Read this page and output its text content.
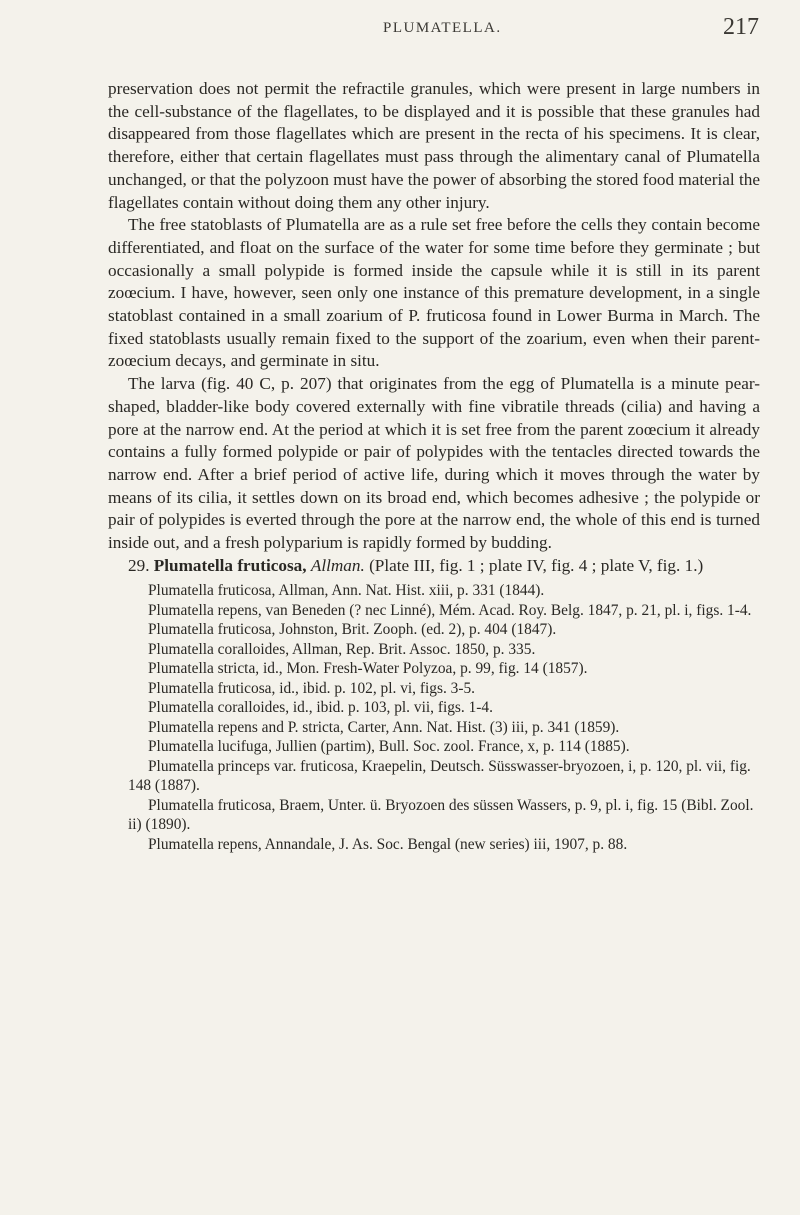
PLUMATELLA.	217

preservation does not permit the refractile granules, which were present in large numbers in the cell-substance of the flagellates, to be displayed and it is possible that these granules had disappeared from those flagellates which are present in the recta of his specimens. It is clear, therefore, either that certain flagellates must pass through the alimentary canal of Plumatella unchanged, or that the polyzoon must have the power of absorbing the stored food material the flagellates contain without doing them any other injury.

The free statoblasts of Plumatella are as a rule set free before the cells they contain become differentiated, and float on the surface of the water for some time before they germinate ; but occasionally a small polypide is formed inside the capsule while it is still in its parent zoœcium. I have, however, seen only one instance of this premature development, in a single statoblast contained in a small zoarium of P. fruticosa found in Lower Burma in March. The fixed statoblasts usually remain fixed to the support of the zoarium, even when their parent-zoœcium decays, and germinate in situ.

The larva (fig. 40 C, p. 207) that originates from the egg of Plumatella is a minute pear-shaped, bladder-like body covered externally with fine vibratile threads (cilia) and having a pore at the narrow end. At the period at which it is set free from the parent zoœcium it already contains a fully formed polypide or pair of polypides with the tentacles directed towards the narrow end. After a brief period of active life, during which it moves through the water by means of its cilia, it settles down on its broad end, which becomes adhesive ; the polypide or pair of polypides is everted through the pore at the narrow end, the whole of this end is turned inside out, and a fresh polyparium is rapidly formed by budding.

29. Plumatella fruticosa, Allman. (Plate III, fig. 1 ; plate IV, fig. 4 ; plate V, fig. 1.)

Plumatella fruticosa, Allman, Ann. Nat. Hist. xiii, p. 331 (1844).

Plumatella repens, van Beneden (? nec Linné), Mém. Acad. Roy. Belg. 1847, p. 21, pl. i, figs. 1-4.

Plumatella fruticosa, Johnston, Brit. Zooph. (ed. 2), p. 404 (1847).

Plumatella coralloides, Allman, Rep. Brit. Assoc. 1850, p. 335.

Plumatella stricta, id., Mon. Fresh-Water Polyzoa, p. 99, fig. 14 (1857).

Plumatella fruticosa, id., ibid. p. 102, pl. vi, figs. 3-5.

Plumatella coralloides, id., ibid. p. 103, pl. vii, figs. 1-4.

Plumatella repens and P. stricta, Carter, Ann. Nat. Hist. (3) iii, p. 341 (1859).

Plumatella lucifuga, Jullien (partim), Bull. Soc. zool. France, x, p. 114 (1885).

Plumatella princeps var. fruticosa, Kraepelin, Deutsch. Süsswasser-bryozoen, i, p. 120, pl. vii, fig. 148 (1887).

Plumatella fruticosa, Braem, Unter. ü. Bryozoen des süssen Wassers, p. 9, pl. i, fig. 15 (Bibl. Zool. ii) (1890).

Plumatella repens, Annandale, J. As. Soc. Bengal (new series) iii, 1907, p. 88.
